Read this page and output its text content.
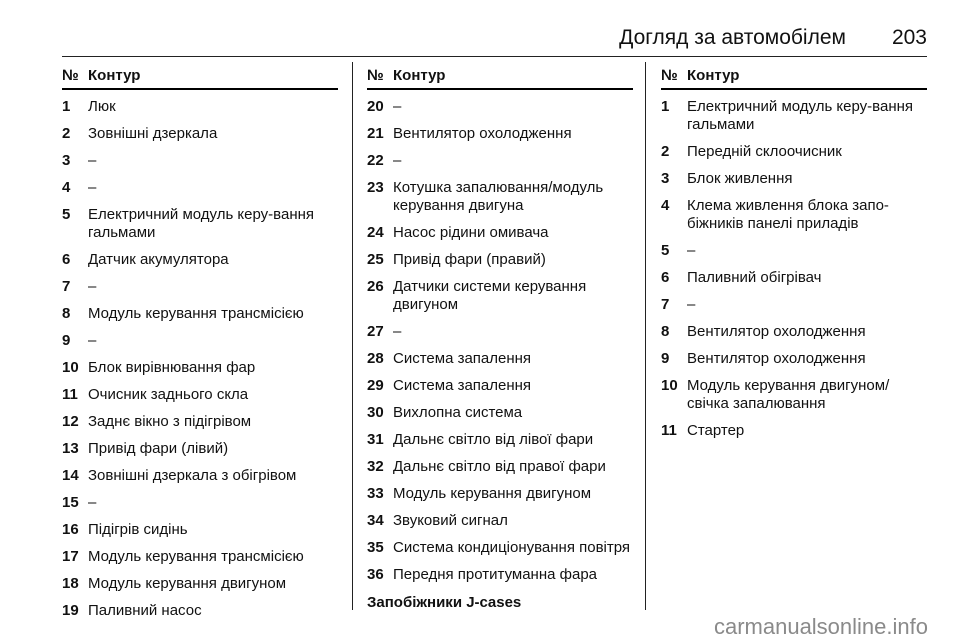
Догляд за автомобілем 203
№ Контур
1	Люк
2	Зовнішні дзеркала
3	–
4	–
5	Електричний модуль керу-вання гальмами
6	Датчик акумулятора
7	–
8	Модуль керування трансмісією
9	–
10 Блок вирівнювання фар
11 Очисник заднього скла
12 Заднє вікно з підігрівом
13 Привід фари (лівий)
14 Зовнішні дзеркала з обігрівом
15 –
16 Підігрів сидінь
17 Модуль керування трансмісією
18 Модуль керування двигуном
19 Паливний насос
№ Контур
20 –
21 Вентилятор охолодження
22 –
23 Котушка запалювання/модуль керування двигуна
24 Насос рідини омивача
25 Привід фари (правий)
26 Датчики системи керування двигуном
27 –
28 Система запалення
29 Система запалення
30 Вихлопна система
31 Дальнє світло від лівої фари
32 Дальнє світло від правої фари
33 Модуль керування двигуном
34 Звуковий сигнал
35 Система кондиціонування повітря
36 Передня протитуманна фара
Запобіжники J-cases
№ Контур
1	Електричний модуль керу-вання гальмами
2	Передній склоочисник
3	Блок живлення
4	Клема живлення блока запо-біжників панелі приладів
5	–
6	Паливний обігрівач
7	–
8	Вентилятор охолодження
9	Вентилятор охолодження
10 Модуль керування двигуном/свічка запалювання
11 Стартер
carmanualsonline.info
